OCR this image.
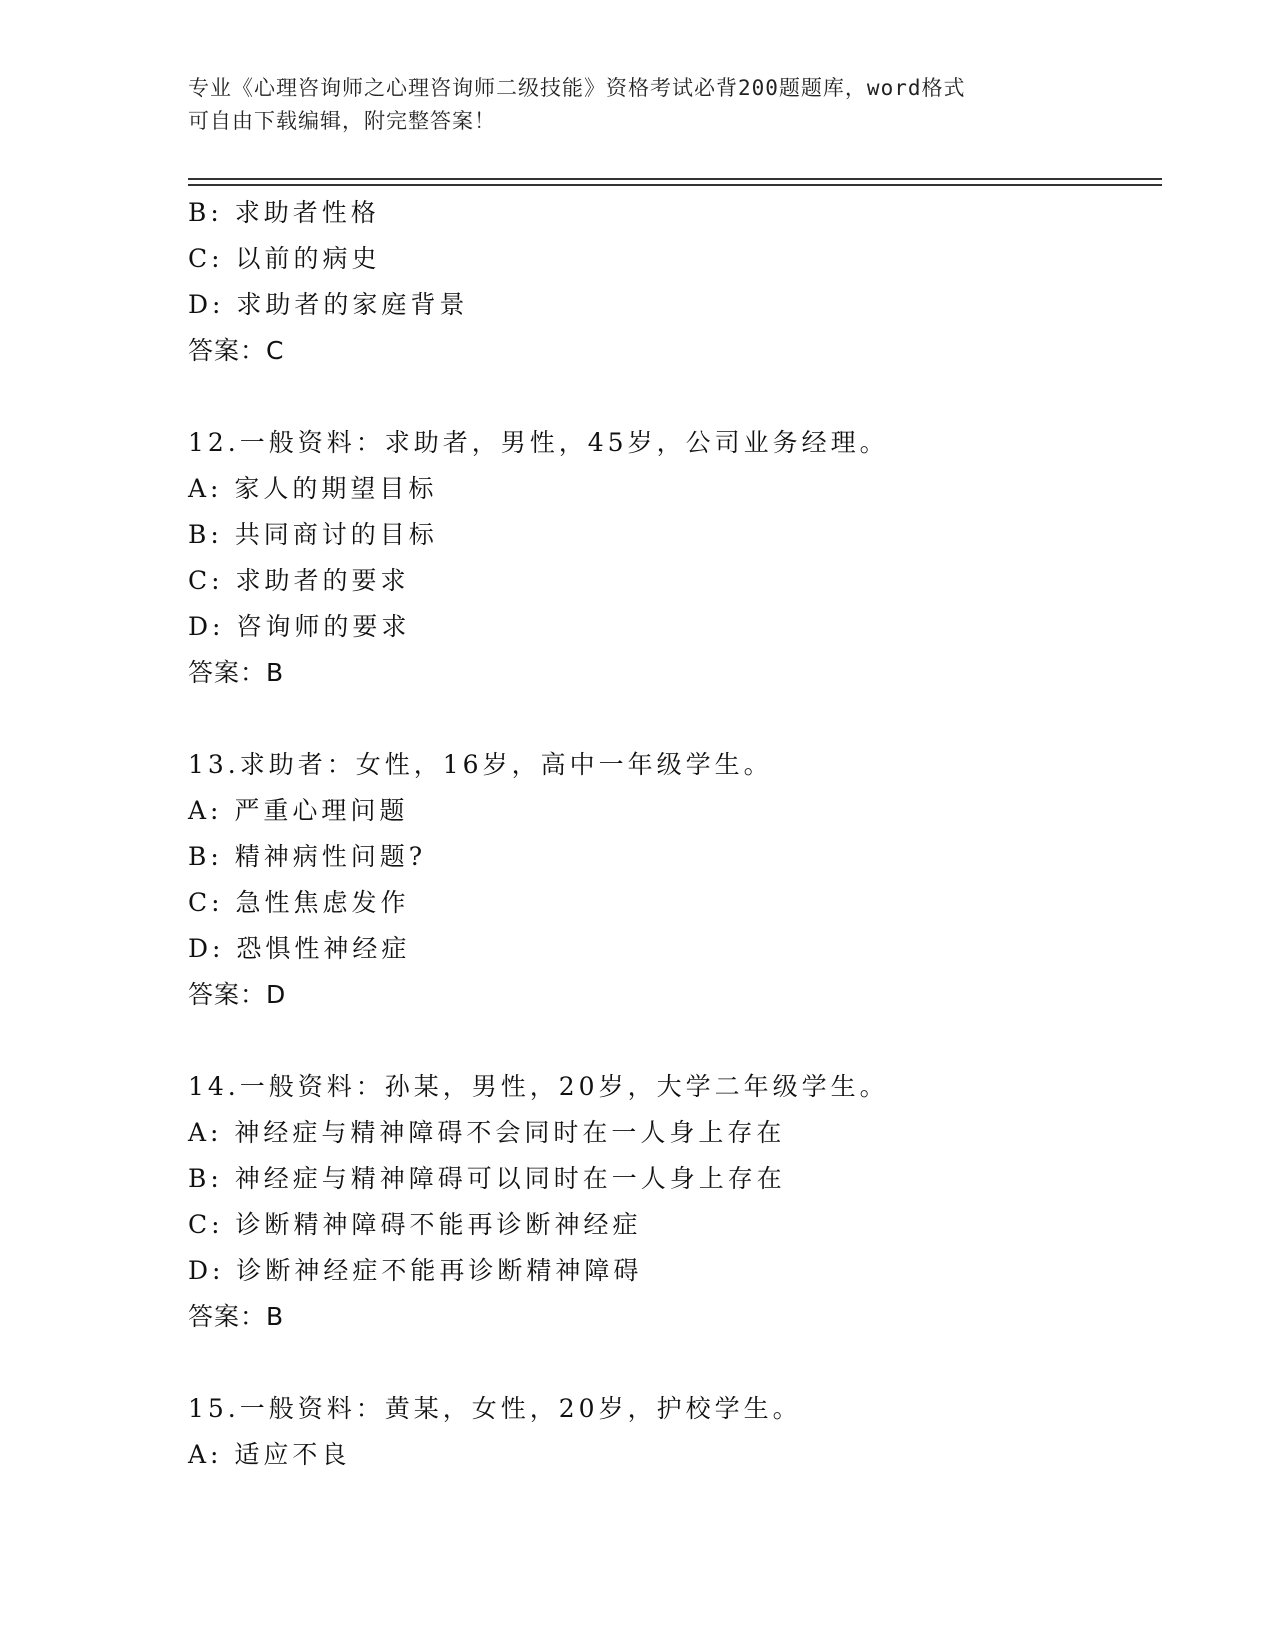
专业《心理咨询师之心理咨询师二级技能》资格考试必背200题题库，word格式
可自由下载编辑，附完整答案！
B: 求助者性格
C: 以前的病史
D: 求助者的家庭背景
答案：C
12.一般资料：求助者，男性，45岁，公司业务经理。
A: 家人的期望目标
B: 共同商讨的目标
C: 求助者的要求
D: 咨询师的要求
答案：B
13.求助者：女性，16岁，高中一年级学生。
A: 严重心理问题
B: 精神病性问题?
C: 急性焦虑发作
D: 恐惧性神经症
答案：D
14.一般资料：孙某，男性，20岁，大学二年级学生。
A: 神经症与精神障碍不会同时在一人身上存在
B: 神经症与精神障碍可以同时在一人身上存在
C: 诊断精神障碍不能再诊断神经症
D: 诊断神经症不能再诊断精神障碍
答案：B
15.一般资料：黄某，女性，20岁，护校学生。
A: 适应不良
